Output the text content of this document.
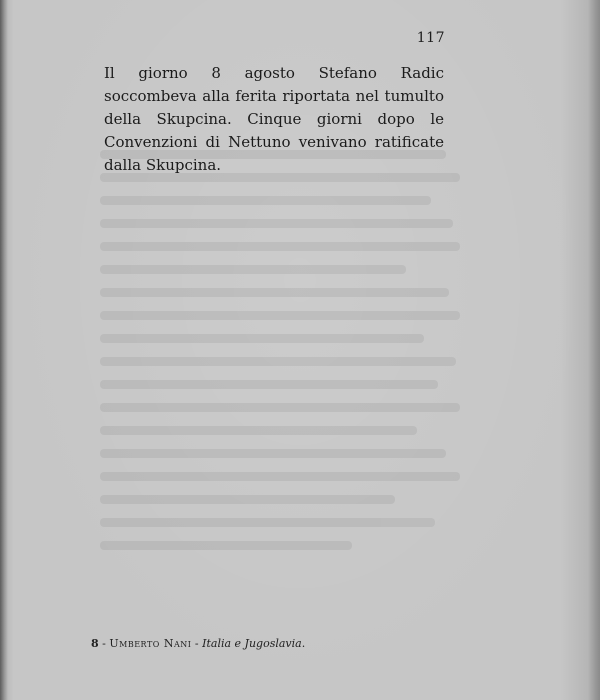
117

Il giorno 8 agosto Stefano Radic soccombeva alla ferita riportata nel tumulto della Skupcina. Cinque giorni dopo le Convenzioni di Nettuno venivano ratificate dalla Skupcina.

8 - Umberto Nani - Italia e Jugoslavia.
